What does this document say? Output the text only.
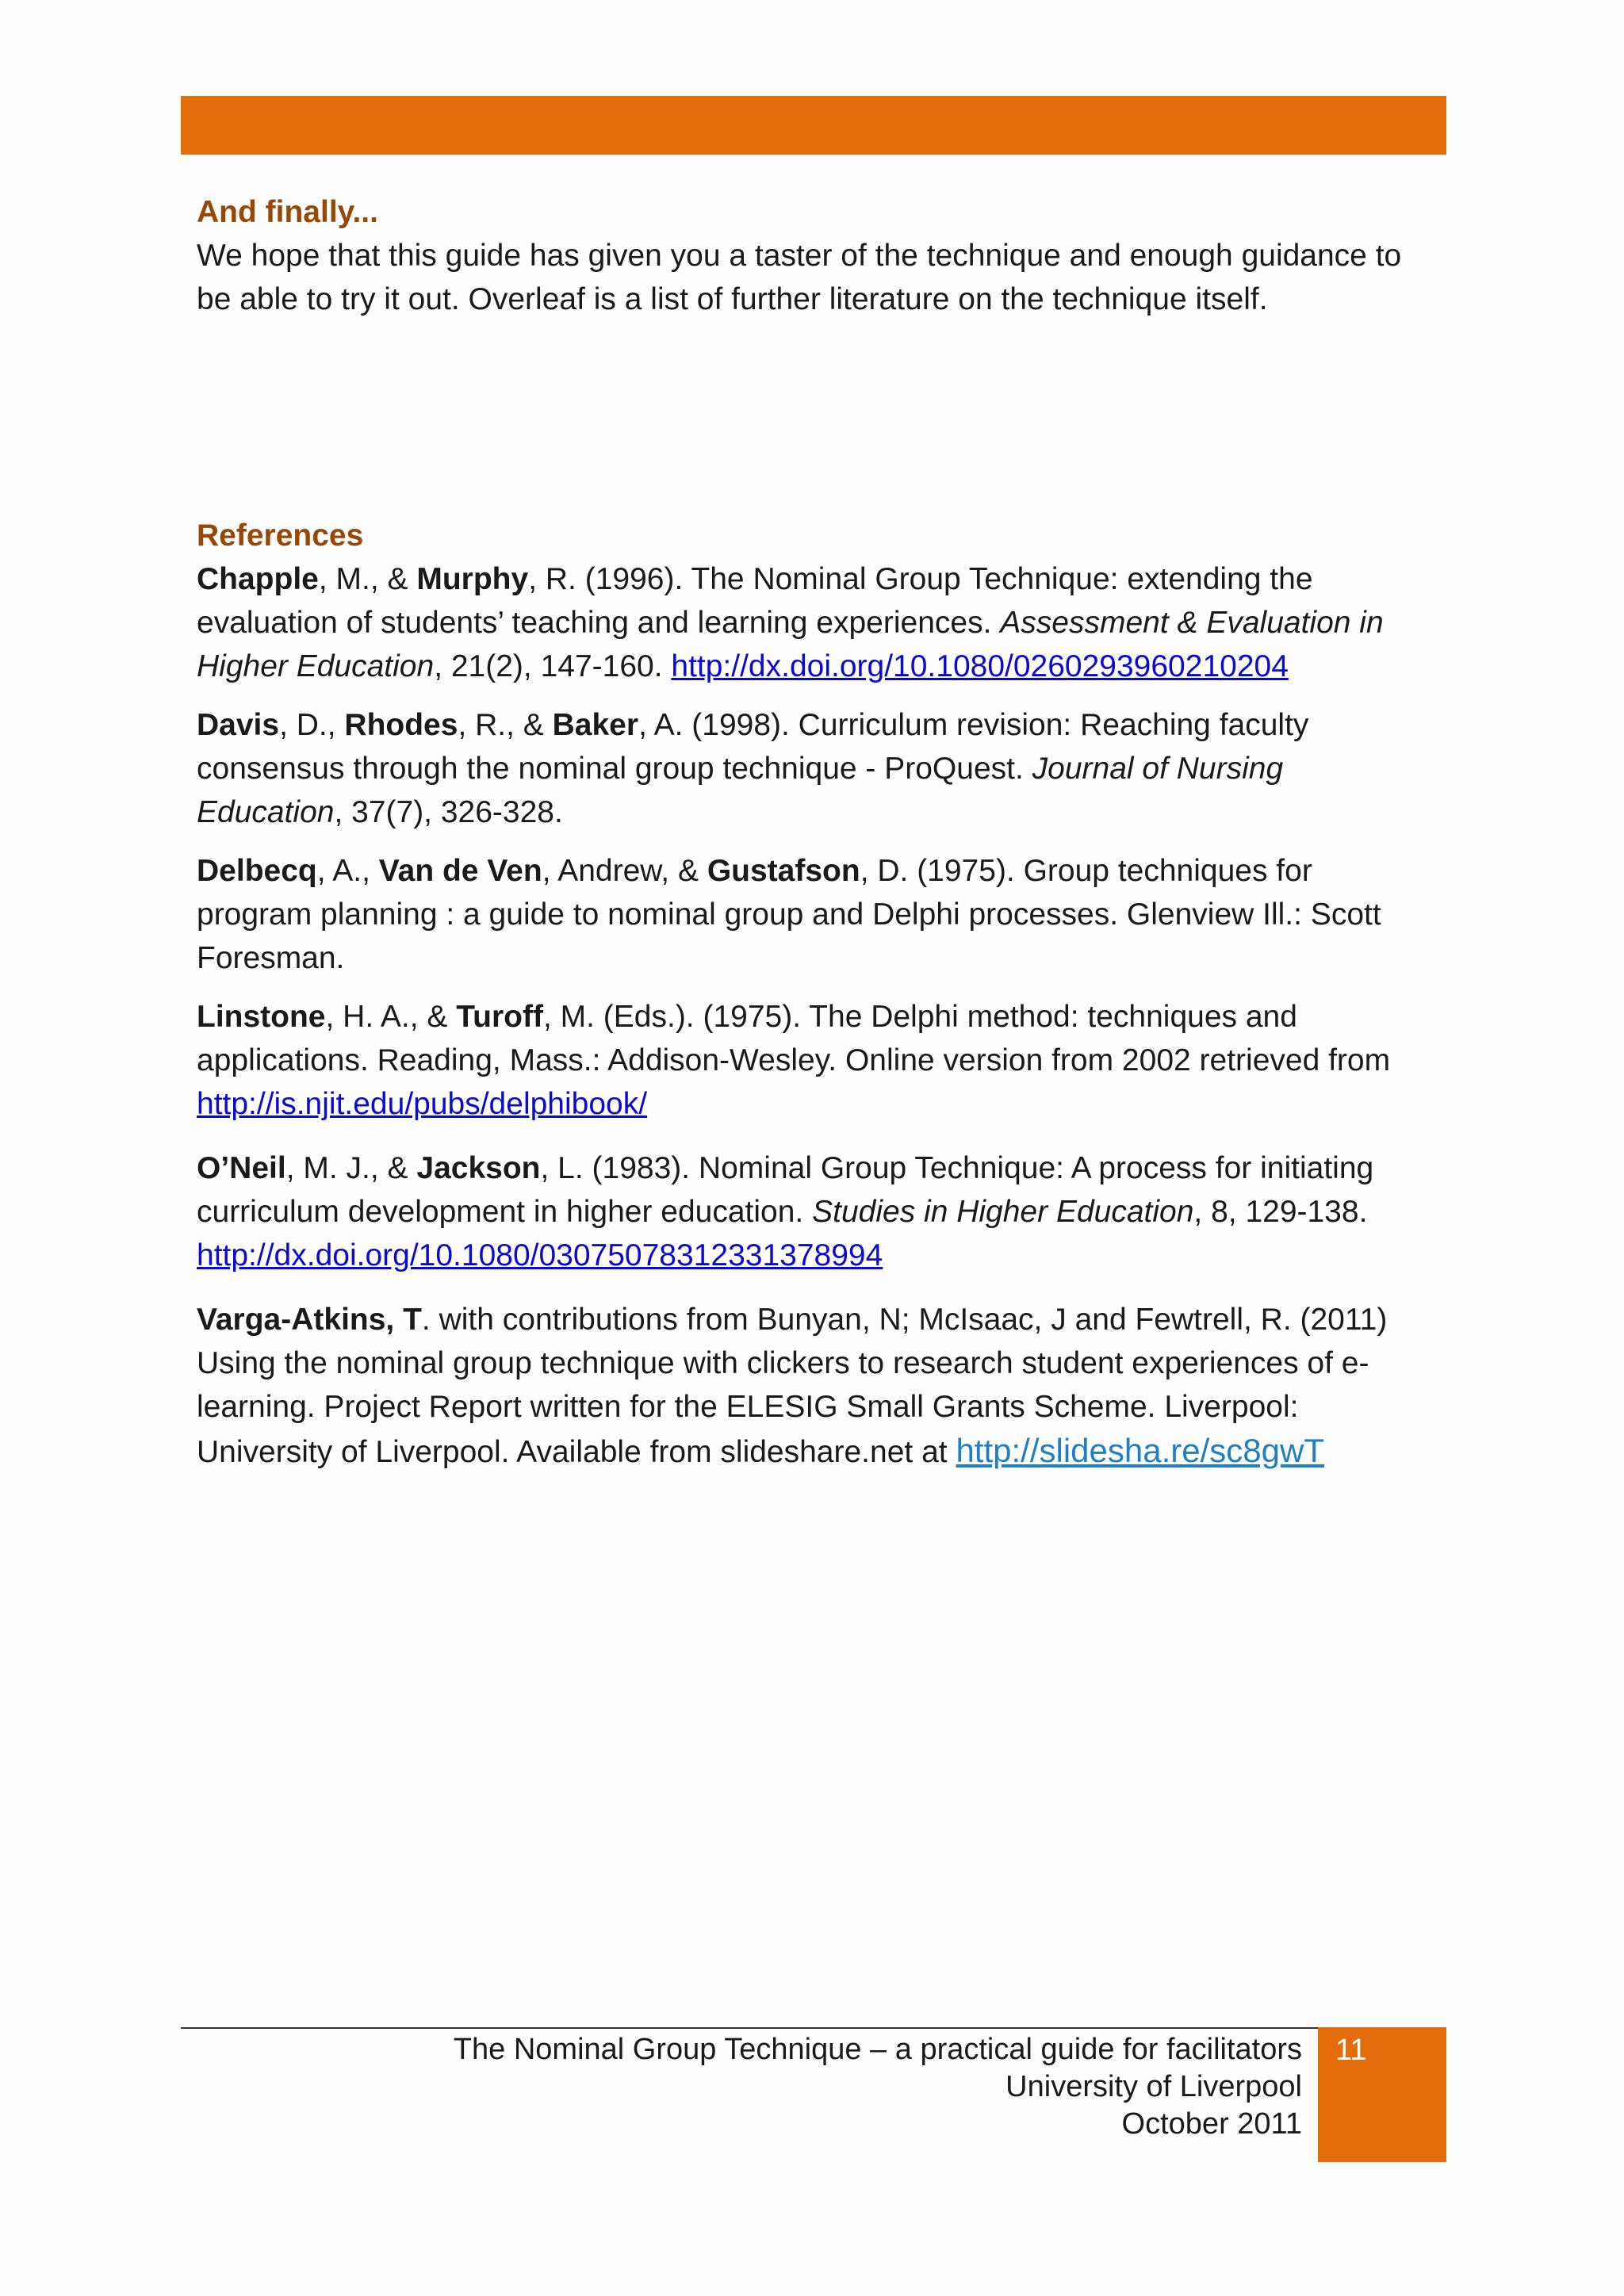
And finally...

We hope that this guide has given you a taster of the technique and enough guidance to be able to try it out. Overleaf is a list of further literature on the technique itself.

References

Chapple, M., & Murphy, R. (1996). The Nominal Group Technique: extending the evaluation of students’ teaching and learning experiences. Assessment & Evaluation in Higher Education, 21(2), 147-160. http://dx.doi.org/10.1080/0260293960210204

Davis, D., Rhodes, R., & Baker, A. (1998). Curriculum revision: Reaching faculty consensus through the nominal group technique - ProQuest. Journal of Nursing Education, 37(7), 326-328.

Delbecq, A., Van de Ven, Andrew, & Gustafson, D. (1975). Group techniques for program planning : a guide to nominal group and Delphi processes. Glenview Ill.: Scott Foresman.

Linstone, H. A., & Turoff, M. (Eds.). (1975). The Delphi method: techniques and applications. Reading, Mass.: Addison-Wesley. Online version from 2002 retrieved from http://is.njit.edu/pubs/delphibook/

O’Neil, M. J., & Jackson, L. (1983). Nominal Group Technique: A process for initiating curriculum development in higher education. Studies in Higher Education, 8, 129-138. http://dx.doi.org/10.1080/03075078312331378994

Varga-Atkins, T. with contributions from Bunyan, N; McIsaac, J and Fewtrell, R. (2011) Using the nominal group technique with clickers to research student experiences of e-learning. Project Report written for the ELESIG Small Grants Scheme. Liverpool: University of Liverpool. Available from slideshare.net at http://slidesha.re/sc8gwT

The Nominal Group Technique – a practical guide for facilitators
University of Liverpool
October 2011
11
